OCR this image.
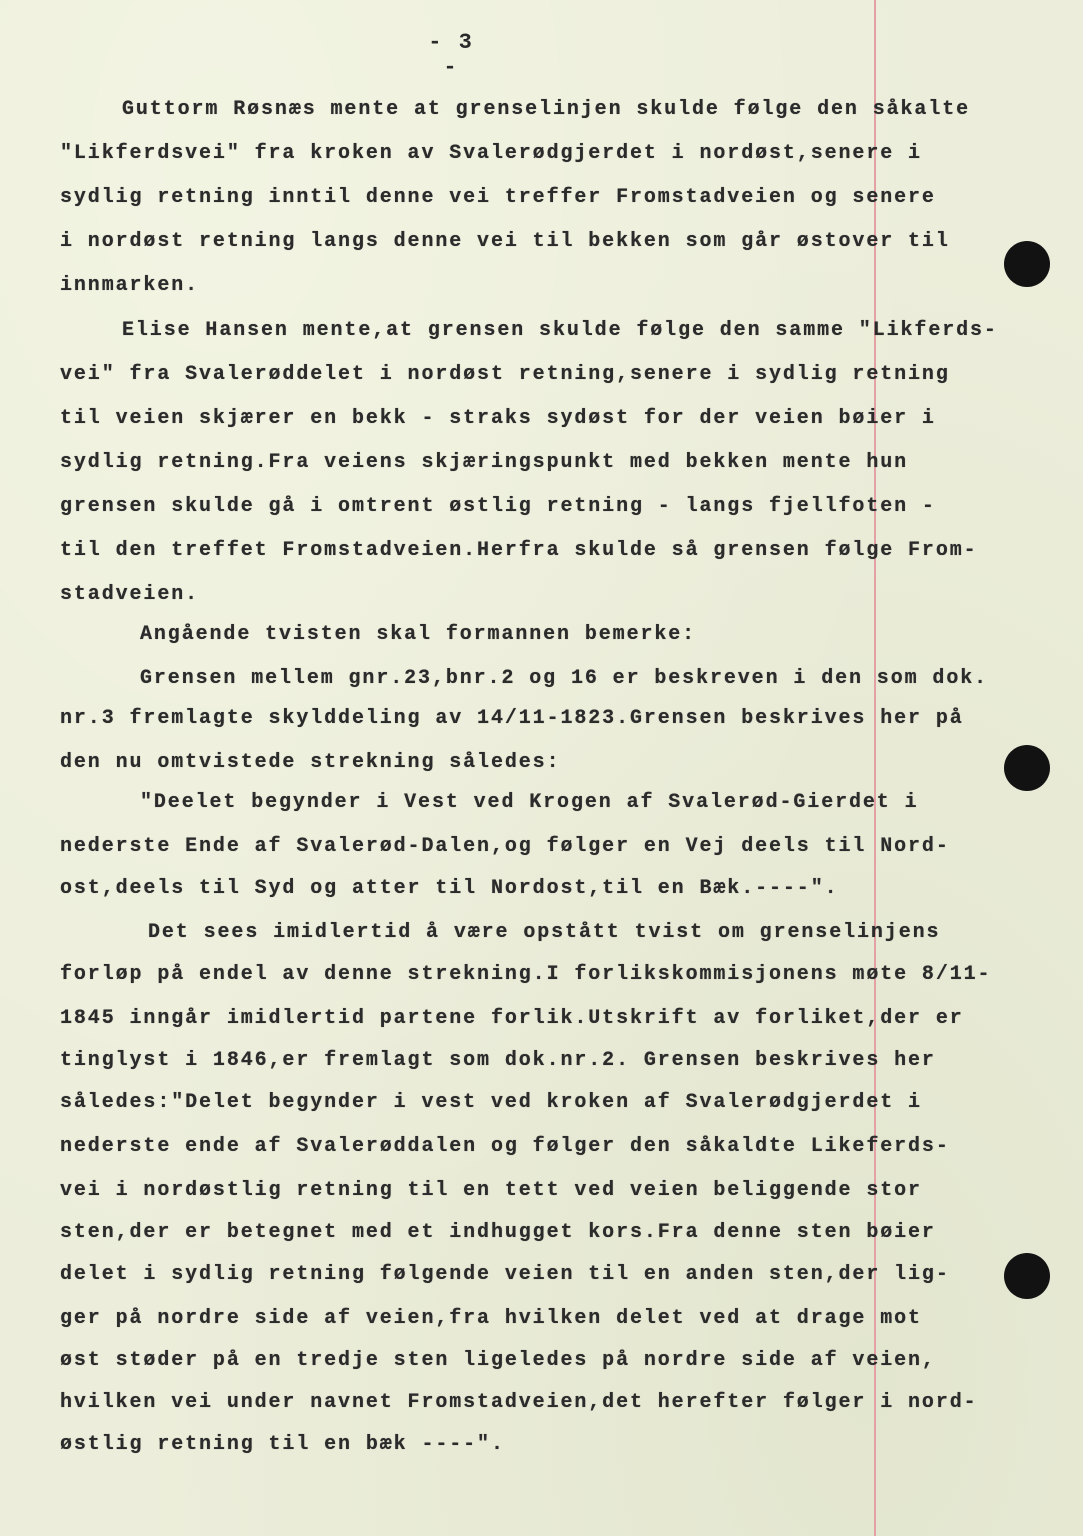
- 3 -
Guttorm Røsnæs mente at grenselinjen skulde følge den såkalte
"Likferdsvei" fra kroken av Svalerødgjerdet i nordøst,senere i
sydlig retning inntil denne vei treffer Fromstadveien og senere
i nordøst retning langs denne vei til bekken som går østover til
innmarken.
Elise Hansen mente,at grensen skulde følge den samme "Likferds-
vei" fra Svalerøddelet i nordøst retning,senere i sydlig retning
til veien skjærer en bekk - straks sydøst for der veien bøier i
sydlig retning.Fra veiens skjæringspunkt med bekken mente hun
grensen skulde gå i omtrent østlig retning - langs fjellfoten -
til den treffet Fromstadveien.Herfra skulde så grensen følge From-
stadveien.
Angående tvisten skal formannen bemerke:
Grensen mellem gnr.23,bnr.2 og 16 er beskreven i den som dok.
nr.3 fremlagte skylddeling av 14/11-1823.Grensen beskrives her på
den nu omtvistede strekning således:
"Deelet begynder i Vest ved Krogen af Svalerød-Gierdet i
nederste Ende af Svalerød-Dalen,og følger en Vej deels til Nord-
ost,deels til Syd og atter til Nordost,til en Bæk.----".
Det sees imidlertid å være opstått tvist om grenselinjens
forløp på endel av denne strekning.I forlikskommisjonens møte 8/11-
1845 inngår imidlertid partene forlik.Utskrift av forliket,der er
tinglyst i 1846,er fremlagt som dok.nr.2. Grensen beskrives her
således:"Delet begynder i vest ved kroken af Svalerødgjerdet i
nederste ende af Svalerøddalen og følger den såkaldte Likeferds-
vei i nordøstlig retning til en tett ved veien beliggende stor
sten,der er betegnet med et indhugget kors.Fra denne sten bøier
delet i sydlig retning følgende veien til en anden sten,der lig-
ger på nordre side af veien,fra hvilken delet ved at drage mot
øst støder på en tredje sten ligeledes på nordre side af veien,
hvilken vei under navnet Fromstadveien,det herefter følger i nord-
østlig retning til en bæk ----".
